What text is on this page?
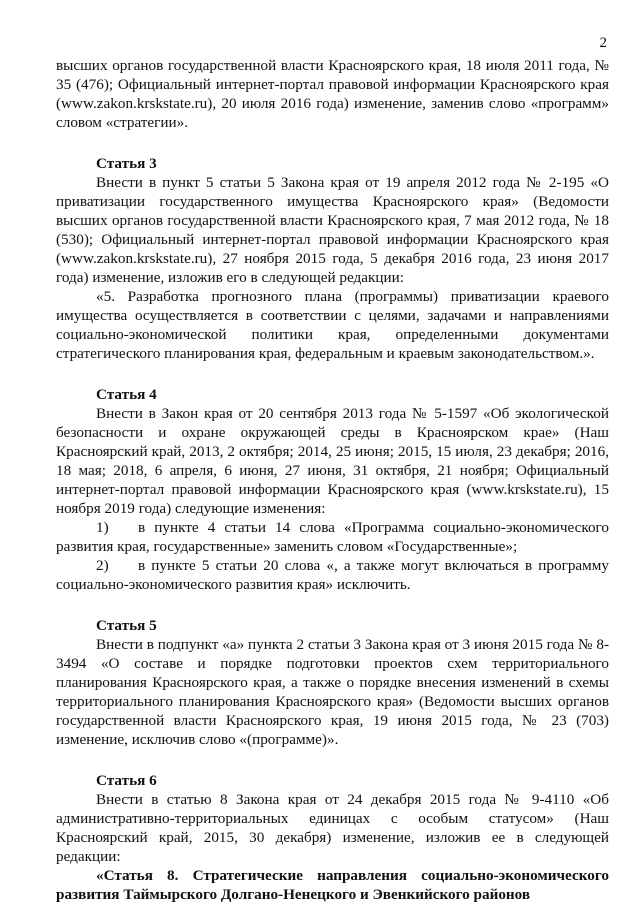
2

высших органов государственной власти Красноярского края, 18 июля 2011 года, № 35 (476); Официальный интернет-портал правовой информации Красноярского края (www.zakon.krskstate.ru), 20 июля 2016 года) изменение, заменив слово «программ» словом «стратегии».

Статья 3

Внести в пункт 5 статьи 5 Закона края от 19 апреля 2012 года № 2-195 «О приватизации государственного имущества Красноярского края» (Ведомости высших органов государственной власти Красноярского края, 7 мая 2012 года, № 18 (530); Официальный интернет-портал правовой информации Красноярского края (www.zakon.krskstate.ru), 27 ноября 2015 года, 5 декабря 2016 года, 23 июня 2017 года) изменение, изложив его в следующей редакции:

«5. Разработка прогнозного плана (программы) приватизации краевого имущества осуществляется в соответствии с целями, задачами и направлениями социально-экономической политики края, определенными документами стратегического планирования края, федеральным и краевым законодательством.».

Статья 4

Внести в Закон края от 20 сентября 2013 года № 5-1597 «Об экологической безопасности и охране окружающей среды в Красноярском крае» (Наш Красноярский край, 2013, 2 октября; 2014, 25 июня; 2015, 15 июля, 23 декабря; 2016, 18 мая; 2018, 6 апреля, 6 июня, 27 июня, 31 октября, 21 ноября; Официальный интернет-портал правовой информации Красноярского края (www.krskstate.ru), 15 ноября 2019 года) следующие изменения:

1) в пункте 4 статьи 14 слова «Программа социально-экономического развития края, государственные» заменить словом «Государственные»;

2) в пункте 5 статьи 20 слова «, а также могут включаться в программу социально-экономического развития края» исключить.

Статья 5

Внести в подпункт «а» пункта 2 статьи 3 Закона края от 3 июня 2015 года № 8-3494 «О составе и порядке подготовки проектов схем территориального планирования Красноярского края, а также о порядке внесения изменений в схемы территориального планирования Красноярского края» (Ведомости высших органов государственной власти Красноярского края, 19 июня 2015 года, № 23 (703) изменение, исключив слово «(программе)».

Статья 6

Внести в статью 8 Закона края от 24 декабря 2015 года № 9-4110 «Об административно-территориальных единицах с особым статусом» (Наш Красноярский край, 2015, 30 декабря) изменение, изложив ее в следующей редакции:

«Статья 8. Стратегические направления социально-экономического развития Таймырского Долгано-Ненецкого и Эвенкийского районов
